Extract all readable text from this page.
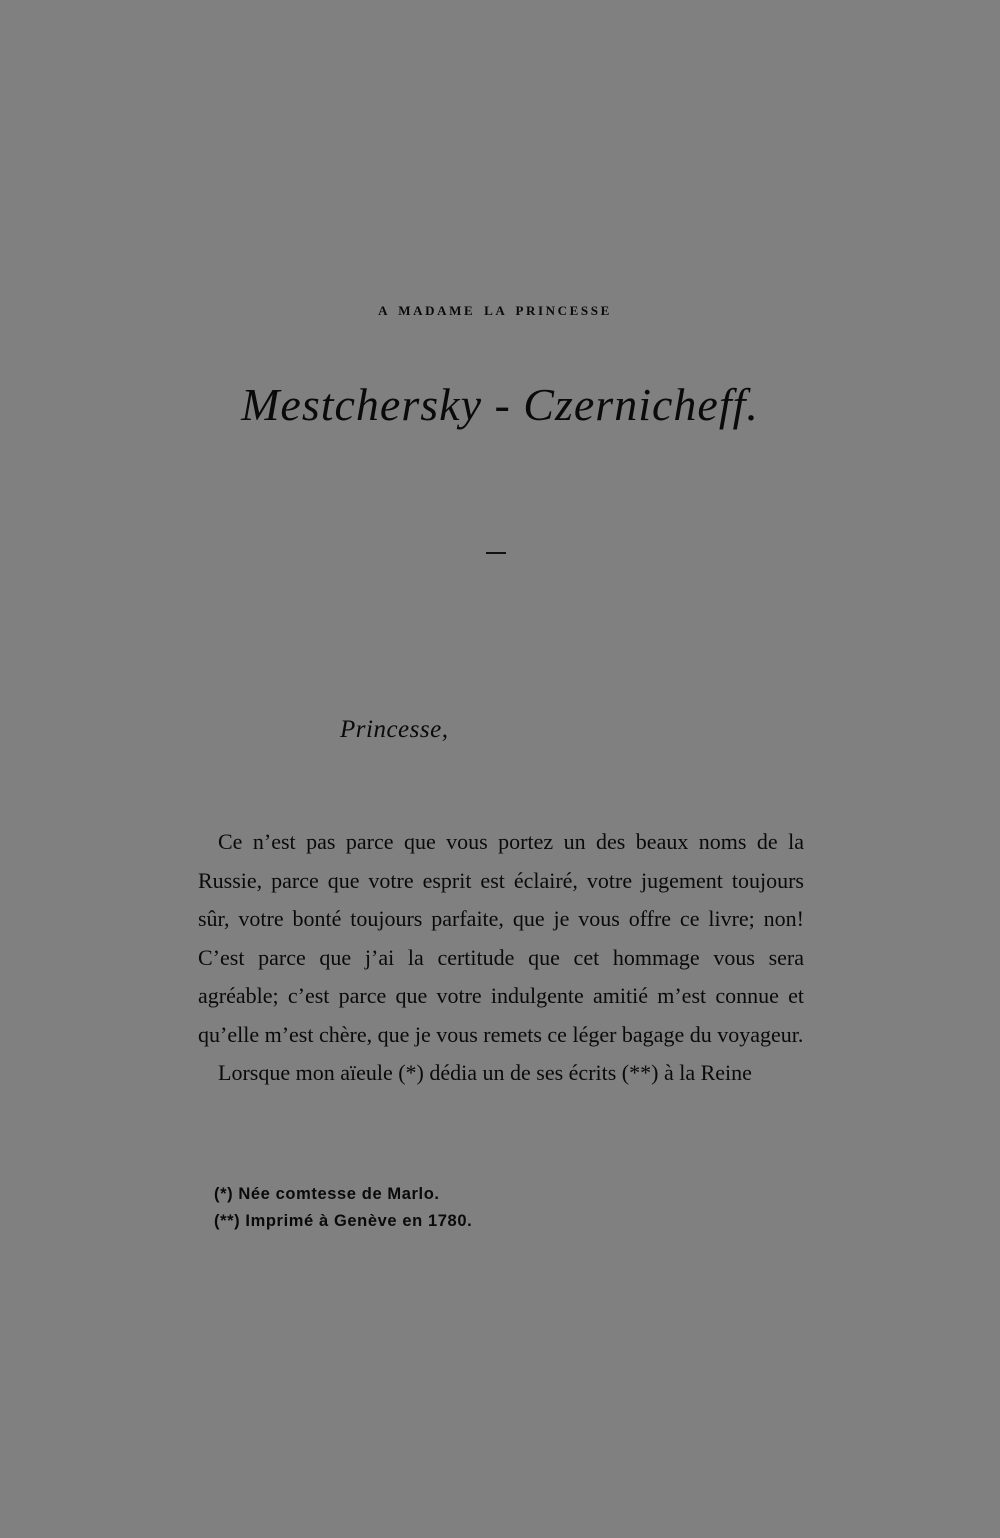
A MADAME LA PRINCESSE
Mestchersky - Czernicheff.
Princesse,

Ce n’est pas parce que vous portez un des beaux noms de la Russie, parce que votre esprit est éclairé, votre jugement toujours sûr, votre bonté toujours parfaite, que je vous offre ce livre; non! C’est parce que j’ai la certitude que cet hommage vous sera agréable; c’est parce que votre indulgente amitié m’est connue et qu’elle m’est chère, que je vous remets ce léger bagage du voyageur.

Lorsque mon aïeule (*) dédia un de ses écrits (**) à la Reine

(*) Née comtesse de Marlo.
(**) Imprimé à Genève en 1780.
